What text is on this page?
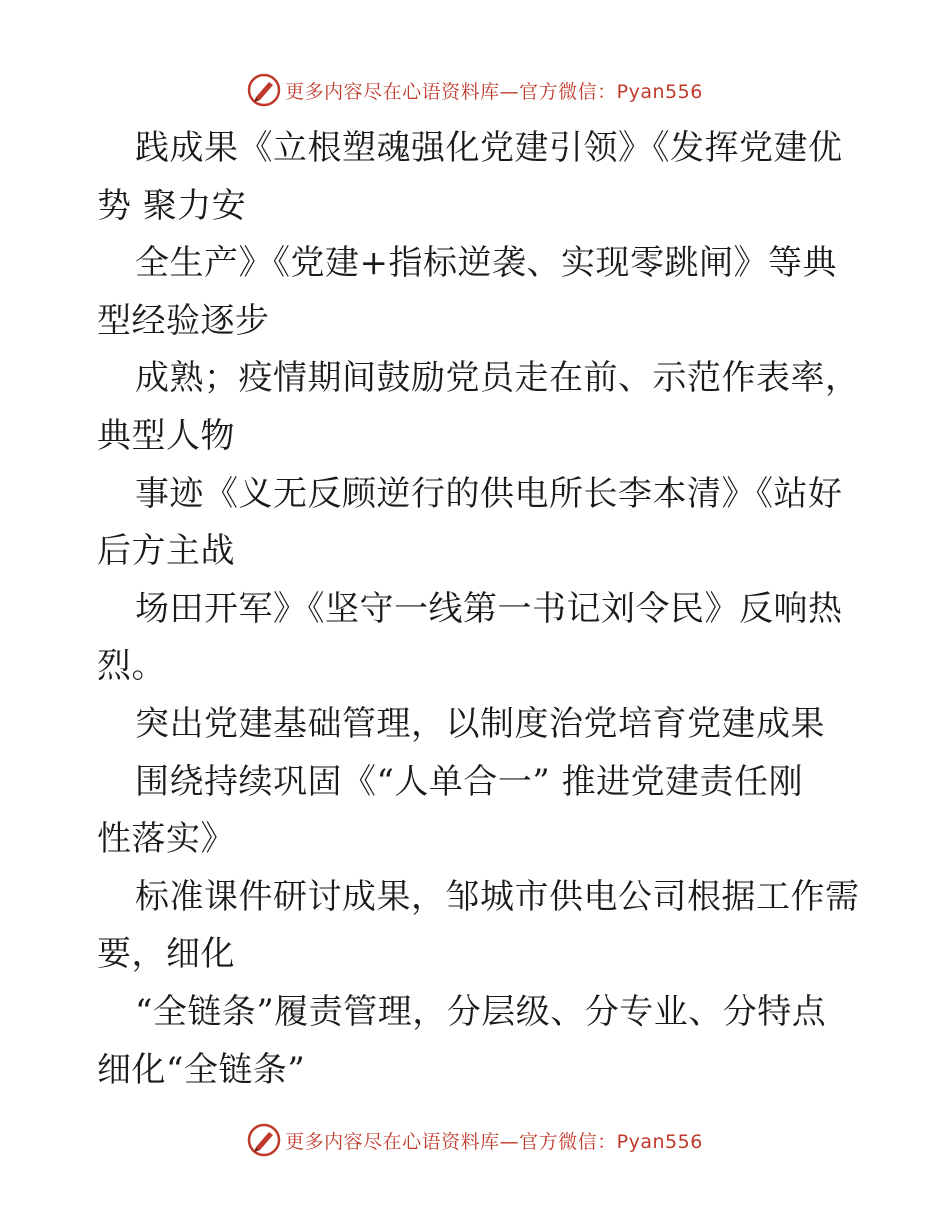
更多内容尽在心语资料库—官方微信：Pyan556
践成果《立根塑魂强化党建引领》《发挥党建优
势 聚力安
全生产》《党建+指标逆袭、实现零跳闸》等典
型经验逐步
成熟；疫情期间鼓励党员走在前、示范作表率，
典型人物
事迹《义无反顾逆行的供电所长李本清》《站好
后方主战
场田开军》《坚守一线第一书记刘令民》反响热
烈。
突出党建基础管理，以制度治党培育党建成果
围绕持续巩固《“人单合一” 推进党建责任刚
性落实》
标准课件研讨成果，邹城市供电公司根据工作需
要，细化
“全链条”履责管理，分层级、分专业、分特点
细化“全链条”
更多内容尽在心语资料库—官方微信：Pyan556
